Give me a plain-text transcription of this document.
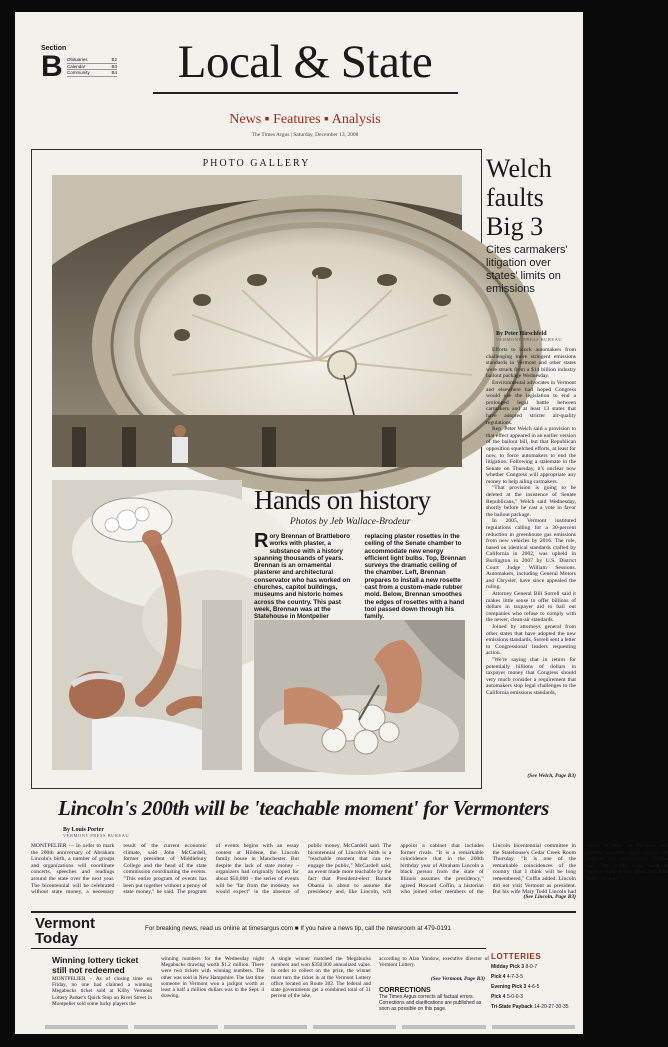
Section
B Obituaries	B2
Calendar	B3
Community	B4	Local & State
News ▪ Features ▪ Analysis
The Times Argus | Saturday, December 13, 2008
PHOTO GALLERY
Hands on history
Photos by Jeb Wallace-Brodeur
Rory Brennan of Brattleboro works with plaster, a substance with a history spanning thousands of years. Brennan is an ornamental plasterer and architectural conservator who has worked on churches, capitol buildings, museums and historic homes across the country. This past week, Brennan was at the Statehouse in Montpelier replacing plaster rosettes in the ceiling of the Senate chamber to accommodate new energy efficient light bulbs. Top, Brennan surveys the dramatic ceiling of the chamber. Left, Brennan prepares to install a new rosette cast from a custom-made rubber mold. Below, Brennan smoothes the edges of rosettes with a hand tool passed down through his family.
Welch faults Big 3
Cites carmakers' litigation over states' limits on emissions
By Peter Hirschfeld
VERMONT PRESS BUREAU

Efforts to block automakers from challenging more stringent emissions standards in Vermont and other states were struck from a $14 billion industry bailout package Wednesday.

Environmental advocates in Vermont and elsewhere had hoped Congress would use the legislation to end a prolonged legal battle between carmakers and at least 13 states that have adopted stricter air-quality regulations.

Rep. Peter Welch said a provision to that effect appeared in an earlier version of the bailout bill, but that Republican opposition squelched efforts, at least for now, to force automakers to end the litigation. Following a stalemate in the Senate on Thursday, it's unclear now whether Congress will appropriate any money to help ailing carmakers.

"That provision is going to be deleted at the insistence of Senate Republicans," Welch said Wednesday, shortly before he cast a vote in favor the bailout package.

In 2005, Vermont instituted regulations calling for a 30-percent reduction in greenhouse gas emissions from new vehicles by 2016. The rule, based on identical standards crafted by California in 2002, was upheld in Burlington in 2007 by U.S. District Court Judge William Sessions. Automakers, including General Motors and Chrysler, have since appealed the ruling.

Attorney General Bill Sorrell said it makes little sense to offer billions of dollars in taxpayer aid to bail out companies who refuse to comply with the newer, clean-air standards.

Joined by attorneys general from other states that have adopted the new emissions standards, Sorrell sent a letter to Congressional leaders requesting action.

"We're saying that in return for potentially billions of dollars in taxpayer money that Congress should very much consider a requirement that automakers stop legal challenges to the California emissions standards,

(See Welch, Page B3)
Lincoln's 200th will be 'teachable moment' for Vermonters
By Louis Porter
VERMONT PRESS BUREAU
MONTPELIER — In order to mark the 200th anniversary of Abraham Lincoln's birth, a number of groups and organizations will coordinate concerts, speeches and readings around the state over the next year. The bicentennial will be celebrated without state money, a necessary result of the current economic climate, said John McCardell, former president of Middlebury College and the head of the state commission coordinating the events. "This entire program of events has been put together without a penny of state money," he said. The program of events begins with an essay contest at Hildene, the Lincoln family house in Manchester. But despite the lack of state money – organizers had originally hoped for about $50,000 – the series of events will be "far from the modesty we would expect" in the absence of public money, McCardell said. The bicentennial of Lincoln's birth is a "teachable moment that can re-engage the public," McCardell said, an event made more teachable by the fact that President-elect Barack Obama is about to assume the presidency and, like Lincoln, will appoint a cabinet that includes former rivals. "It is a remarkable coincidence that in the 200th birthday year of Abraham Lincoln a black person from the state of Illinois assumes the presidency," agreed Howard Coffin, a historian who joined other members of the Lincoln bicentennial committee in the Statehouse's Cedar Creek Room Thursday. "It is one of the remarkable coincidences of the country that I think will be long remembered," Coffin added. Lincoln did not visit Vermont as president. But his wife Mary Todd Lincoln had visited Hildene in Vermont and planned to come again before her husband was assassinated, Coffin said. "He would have come to Vermont had it not been for John Wilkes Booth,"
(See Lincoln, Page B3)
Vermont
Today
For breaking news, read us online at timesargus.com ■ If you have a news tip, call the newsroom at 479-0191
Winning lottery ticket still not redeemed
MONTPELIER – As of closing time on Friday, no one had claimed a winning Megabucks ticket sold at Kilby Vermont Lottery Parker's Quick Stop on River Street in Montpelier sold some lucky players the
winning numbers for the Wednesday night Megabucks drawing worth $1.2 million. There were two tickets with winning numbers. The other was sold in New Hampshire. The last time someone in Vermont won a jackpot worth at least a half a million dollars was in the Sept. 4 drawing.
A single winner matched the Megabucks numbers and won $350,000 annualized value. In order to collect on the prize, the winner must turn the ticket in at the Vermont Lottery office located on Route 302. The federal and state governments get a combined total of 31 percent of the take,
according to Alan Yandow, executive director of Vermont Lottery.
(See Vermont, Page B3)
CORRECTIONS
The Times Argus corrects all factual errors. Corrections and clarifications are published as soon as possible on this page.
LOTTERIES
Midday Pick 3 8-0-7
Pick 4 4-7-3-5
Evening Pick 3 4-6-5
Pick 4 5-0-0-3
Tri-State Payback 14-20-27-30-35
